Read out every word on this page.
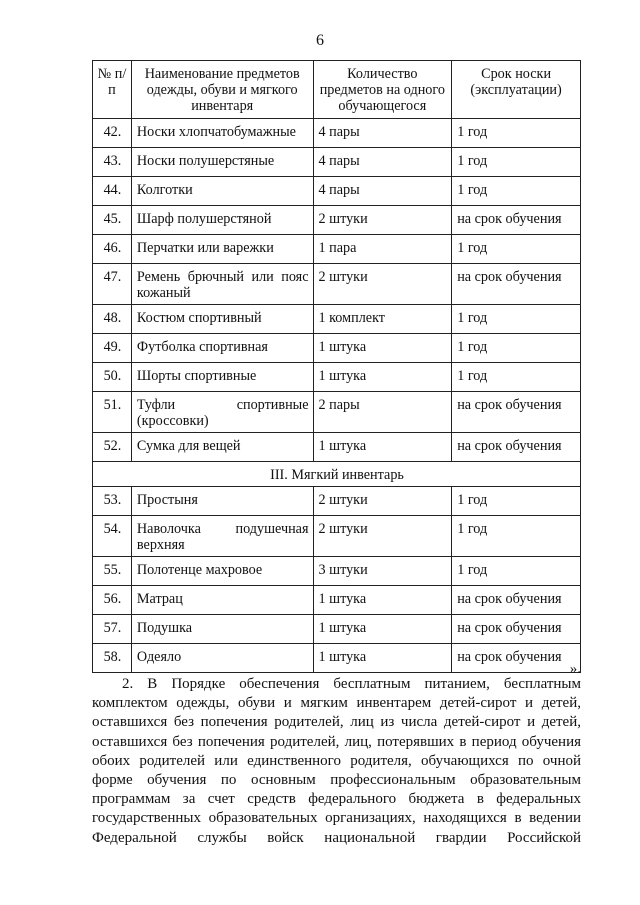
6
№ п/п	Наименование предметов одежды, обуви и мягкого инвентаря	Количество предметов на одного обучающегося	Срок носки (эксплуатации)
42.	Носки хлопчатобумажные	4 пары	1 год
43.	Носки полушерстяные	4 пары	1 год
44.	Колготки	4 пары	1 год
45.	Шарф полушерстяной	2 штуки	на срок обучения
46.	Перчатки или варежки	1 пара	1 год
47.	Ремень брючный или пояс кожаный	2 штуки	на срок обучения
48.	Костюм спортивный	1 комплект	1 год
49.	Футболка спортивная	1 штука	1 год
50.	Шорты спортивные	1 штука	1 год
51.	Туфли спортивные (кроссовки)	2 пары	на срок обучения
52.	Сумка для вещей	1 штука	на срок обучения
III. Мягкий инвентарь			
53.	Простыня	2 штуки	1 год
54.	Наволочка подушечная верхняя	2 штуки	1 год
55.	Полотенце махровое	3 штуки	1 год
56.	Матрац	1 штука	на срок обучения
57.	Подушка	1 штука	на срок обучения
58.	Одеяло	1 штука	на срок обучения
».
2. В Порядке обеспечения бесплатным питанием, бесплатным
комплектом одежды, обуви и мягким инвентарем детей-сирот и детей,
оставшихся без попечения родителей, лиц из числа детей-сирот и детей,
оставшихся без попечения родителей, лиц, потерявших в период обучения
обоих родителей или единственного родителя, обучающихся по очной
форме обучения по основным профессиональным образовательным
программам за счет средств федерального бюджета в федеральных
государственных образовательных организациях, находящихся в ведении
Федеральной службы войск национальной гвардии Российской
